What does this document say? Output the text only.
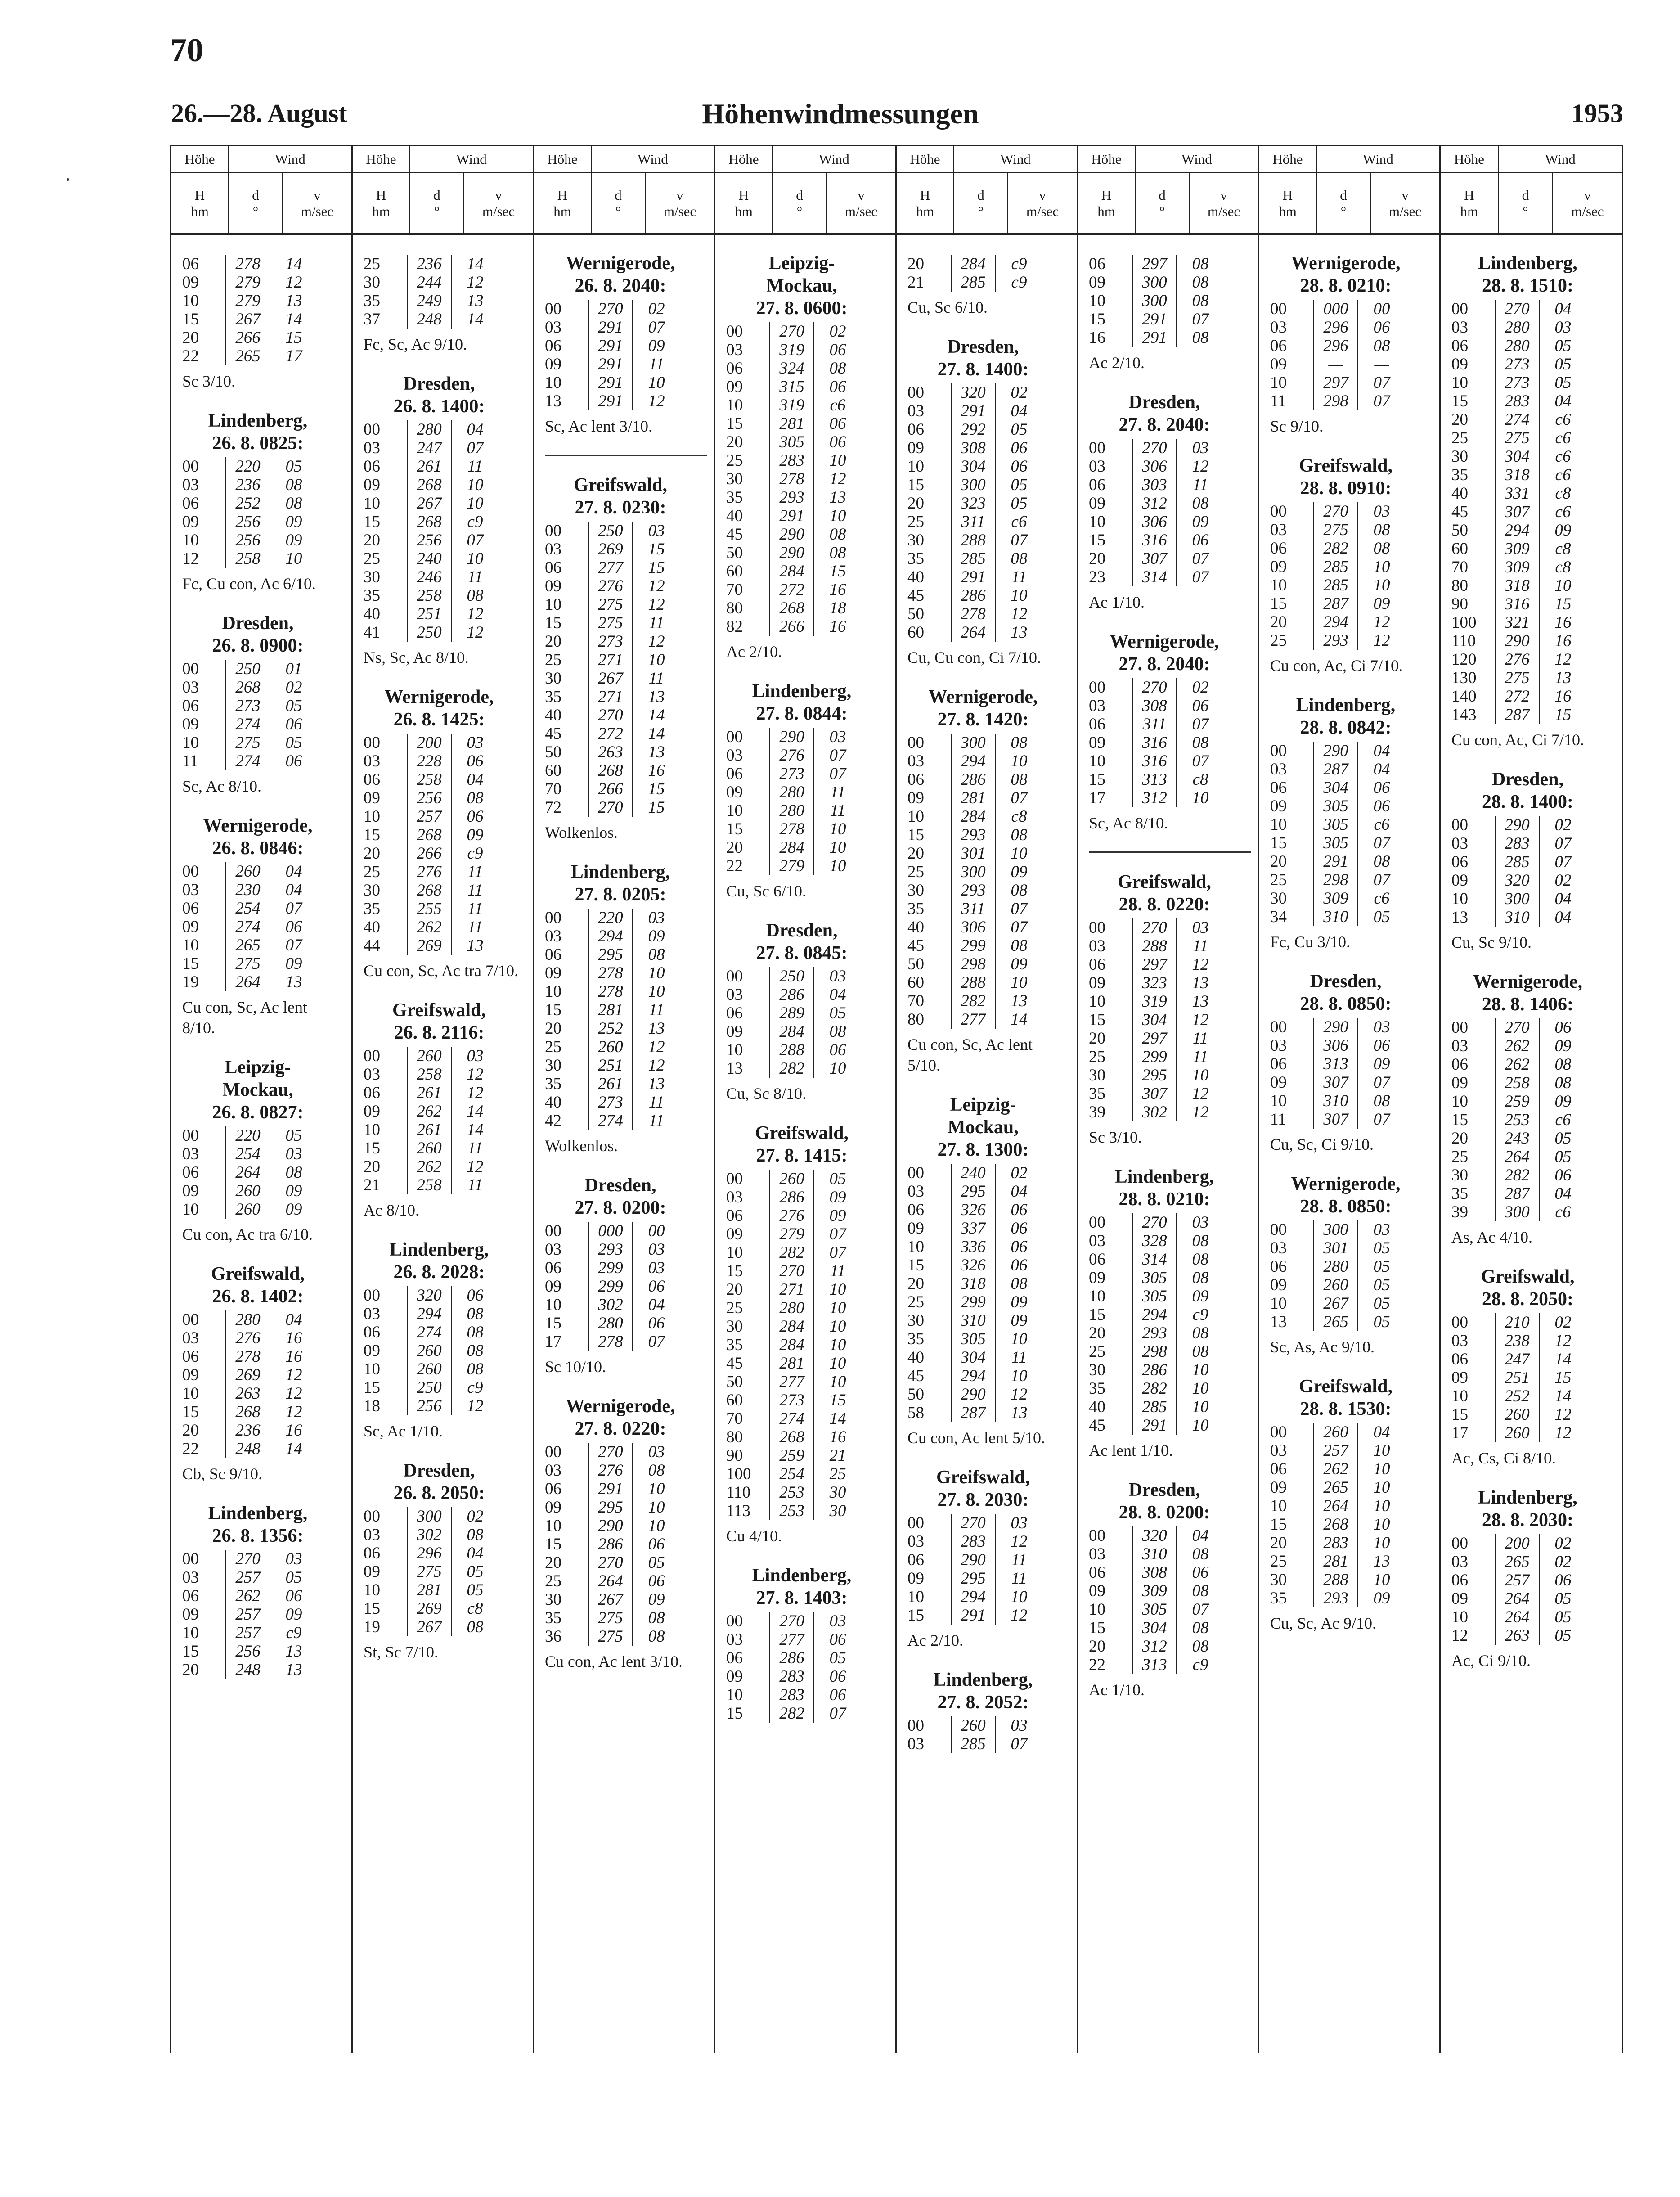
70
26.—28. August	Höhenwindmessungen	1953
Höhe	Wind
H
hm
d
°
v
m/sec
06	278	14
09	279	12
10	279	13
15	267	14
20	266	15
22	265	17
Sc 3/10.
Lindenberg,
26. 8. 0825:
00	220	05
03	236	08
06	252	08
09	256	09
10	256	09
12	258	10
Fc, Cu con, Ac 6/10.
Dresden,
26. 8. 0900:
00	250	01
03	268	02
06	273	05
09	274	06
10	275	05
11	274	06
Sc, Ac 8/10.
Wernigerode,
26. 8. 0846:
00	260	04
03	230	04
06	254	07
09	274	06
10	265	07
15	275	09
19	264	13
Cu con, Sc, Ac lent 8/10.
Leipzig-
Mockau,
26. 8. 0827:
00	220	05
03	254	03
06	264	08
09	260	09
10	260	09
Cu con, Ac tra 6/10.
Greifswald,
26. 8. 1402:
00	280	04
03	276	16
06	278	16
09	269	12
10	263	12
15	268	12
20	236	16
22	248	14
Cb, Sc 9/10.
Lindenberg,
26. 8. 1356:
00	270	03
03	257	05
06	262	06
09	257	09
10	257	c9
15	256	13
20	248	13
Höhe	Wind
H
hm
d
°
v
m/sec
25	236	14
30	244	12
35	249	13
37	248	14
Fc, Sc, Ac 9/10.
Dresden,
26. 8. 1400:
00	280	04
03	247	07
06	261	11
09	268	10
10	267	10
15	268	c9
20	256	07
25	240	10
30	246	11
35	258	08
40	251	12
41	250	12
Ns, Sc, Ac 8/10.
Wernigerode,
26. 8. 1425:
00	200	03
03	228	06
06	258	04
09	256	08
10	257	06
15	268	09
20	266	c9
25	276	11
30	268	11
35	255	11
40	262	11
44	269	13
Cu con, Sc, Ac tra 7/10.
Greifswald,
26. 8. 2116:
00	260	03
03	258	12
06	261	12
09	262	14
10	261	14
15	260	11
20	262	12
21	258	11
Ac 8/10.
Lindenberg,
26. 8. 2028:
00	320	06
03	294	08
06	274	08
09	260	08
10	260	08
15	250	c9
18	256	12
Sc, Ac 1/10.
Dresden,
26. 8. 2050:
00	300	02
03	302	08
06	296	04
09	275	05
10	281	05
15	269	c8
19	267	08
St, Sc 7/10.
Höhe	Wind
H
hm
d
°
v
m/sec
Wernigerode,
26. 8. 2040:
00	270	02
03	291	07
06	291	09
09	291	11
10	291	10
13	291	12
Sc, Ac lent 3/10.
Greifswald,
27. 8. 0230:
00	250	03
03	269	15
06	277	15
09	276	12
10	275	12
15	275	11
20	273	12
25	271	10
30	267	11
35	271	13
40	270	14
45	272	14
50	263	13
60	268	16
70	266	15
72	270	15
Wolkenlos.
Lindenberg,
27. 8. 0205:
00	220	03
03	294	09
06	295	08
09	278	10
10	278	10
15	281	11
20	252	13
25	260	12
30	251	12
35	261	13
40	273	11
42	274	11
Wolkenlos.
Dresden,
27. 8. 0200:
00	000	00
03	293	03
06	299	03
09	299	06
10	302	04
15	280	06
17	278	07
Sc 10/10.
Wernigerode,
27. 8. 0220:
00	270	03
03	276	08
06	291	10
09	295	10
10	290	10
15	286	06
20	270	05
25	264	06
30	267	09
35	275	08
36	275	08
Cu con, Ac lent 3/10.
Höhe	Wind
H
hm
d
°
v
m/sec
Leipzig-
Mockau,
27. 8. 0600:
00	270	02
03	319	06
06	324	08
09	315	06
10	319	c6
15	281	06
20	305	06
25	283	10
30	278	12
35	293	13
40	291	10
45	290	08
50	290	08
60	284	15
70	272	16
80	268	18
82	266	16
Ac 2/10.
Lindenberg,
27. 8. 0844:
00	290	03
03	276	07
06	273	07
09	280	11
10	280	11
15	278	10
20	284	10
22	279	10
Cu, Sc 6/10.
Dresden,
27. 8. 0845:
00	250	03
03	286	04
06	289	05
09	284	08
10	288	06
13	282	10
Cu, Sc 8/10.
Greifswald,
27. 8. 1415:
00	260	05
03	286	09
06	276	09
09	279	07
10	282	07
15	270	11
20	271	10
25	280	10
30	284	10
35	284	10
45	281	10
50	277	10
60	273	15
70	274	14
80	268	16
90	259	21
100	254	25
110	253	30
113	253	30
Cu 4/10.
Lindenberg,
27. 8. 1403:
00	270	03
03	277	06
06	286	05
09	283	06
10	283	06
15	282	07
Höhe	Wind
H
hm
d
°
v
m/sec
20	284	c9
21	285	c9
Cu, Sc 6/10.
Dresden,
27. 8. 1400:
00	320	02
03	291	04
06	292	05
09	308	06
10	304	06
15	300	05
20	323	05
25	311	c6
30	288	07
35	285	08
40	291	11
45	286	10
50	278	12
60	264	13
Cu, Cu con, Ci 7/10.
Wernigerode,
27. 8. 1420:
00	300	08
03	294	10
06	286	08
09	281	07
10	284	c8
15	293	08
20	301	10
25	300	09
30	293	08
35	311	07
40	306	07
45	299	08
50	298	09
60	288	10
70	282	13
80	277	14
Cu con, Sc, Ac lent 5/10.
Leipzig-
Mockau,
27. 8. 1300:
00	240	02
03	295	04
06	326	06
09	337	06
10	336	06
15	326	06
20	318	08
25	299	09
30	310	09
35	305	10
40	304	11
45	294	10
50	290	12
58	287	13
Cu con, Ac lent 5/10.
Greifswald,
27. 8. 2030:
00	270	03
03	283	12
06	290	11
09	295	11
10	294	10
15	291	12
Ac 2/10.
Lindenberg,
27. 8. 2052:
00	260	03
03	285	07
Höhe	Wind
H
hm
d
°
v
m/sec
06	297	08
09	300	08
10	300	08
15	291	07
16	291	08
Ac 2/10.
Dresden,
27. 8. 2040:
00	270	03
03	306	12
06	303	11
09	312	08
10	306	09
15	316	06
20	307	07
23	314	07
Ac 1/10.
Wernigerode,
27. 8. 2040:
00	270	02
03	308	06
06	311	07
09	316	08
10	316	07
15	313	c8
17	312	10
Sc, Ac 8/10.
Greifswald,
28. 8. 0220:
00	270	03
03	288	11
06	297	12
09	323	13
10	319	13
15	304	12
20	297	11
25	299	11
30	295	10
35	307	12
39	302	12
Sc 3/10.
Lindenberg,
28. 8. 0210:
00	270	03
03	328	08
06	314	08
09	305	08
10	305	09
15	294	c9
20	293	08
25	298	08
30	286	10
35	282	10
40	285	10
45	291	10
Ac lent 1/10.
Dresden,
28. 8. 0200:
00	320	04
03	310	08
06	308	06
09	309	08
10	305	07
15	304	08
20	312	08
22	313	c9
Ac 1/10.
Höhe	Wind
H
hm
d
°
v
m/sec
Wernigerode,
28. 8. 0210:
00	000	00
03	296	06
06	296	08
09	—	—
10	297	07
11	298	07
Sc 9/10.
Greifswald,
28. 8. 0910:
00	270	03
03	275	08
06	282	08
09	285	10
10	285	10
15	287	09
20	294	12
25	293	12
Cu con, Ac, Ci 7/10.
Lindenberg,
28. 8. 0842:
00	290	04
03	287	04
06	304	06
09	305	06
10	305	c6
15	305	07
20	291	08
25	298	07
30	309	c6
34	310	05
Fc, Cu 3/10.
Dresden,
28. 8. 0850:
00	290	03
03	306	06
06	313	09
09	307	07
10	310	08
11	307	07
Cu, Sc, Ci 9/10.
Wernigerode,
28. 8. 0850:
00	300	03
03	301	05
06	280	05
09	260	05
10	267	05
13	265	05
Sc, As, Ac 9/10.
Greifswald,
28. 8. 1530:
00	260	04
03	257	10
06	262	10
09	265	10
10	264	10
15	268	10
20	283	10
25	281	13
30	288	10
35	293	09
Cu, Sc, Ac 9/10.
Höhe	Wind
H
hm
d
°
v
m/sec
Lindenberg,
28. 8. 1510:
00	270	04
03	280	03
06	280	05
09	273	05
10	273	05
15	283	04
20	274	c6
25	275	c6
30	304	c6
35	318	c6
40	331	c8
45	307	c6
50	294	09
60	309	c8
70	309	c8
80	318	10
90	316	15
100	321	16
110	290	16
120	276	12
130	275	13
140	272	16
143	287	15
Cu con, Ac, Ci 7/10.
Dresden,
28. 8. 1400:
00	290	02
03	283	07
06	285	07
09	320	02
10	300	04
13	310	04
Cu, Sc 9/10.
Wernigerode,
28. 8. 1406:
00	270	06
03	262	09
06	262	08
09	258	08
10	259	09
15	253	c6
20	243	05
25	264	05
30	282	06
35	287	04
39	300	c6
As, Ac 4/10.
Greifswald,
28. 8. 2050:
00	210	02
03	238	12
06	247	14
09	251	15
10	252	14
15	260	12
17	260	12
Ac, Cs, Ci 8/10.
Lindenberg,
28. 8. 2030:
00	200	02
03	265	02
06	257	06
09	264	05
10	264	05
12	263	05
Ac, Ci 9/10.
